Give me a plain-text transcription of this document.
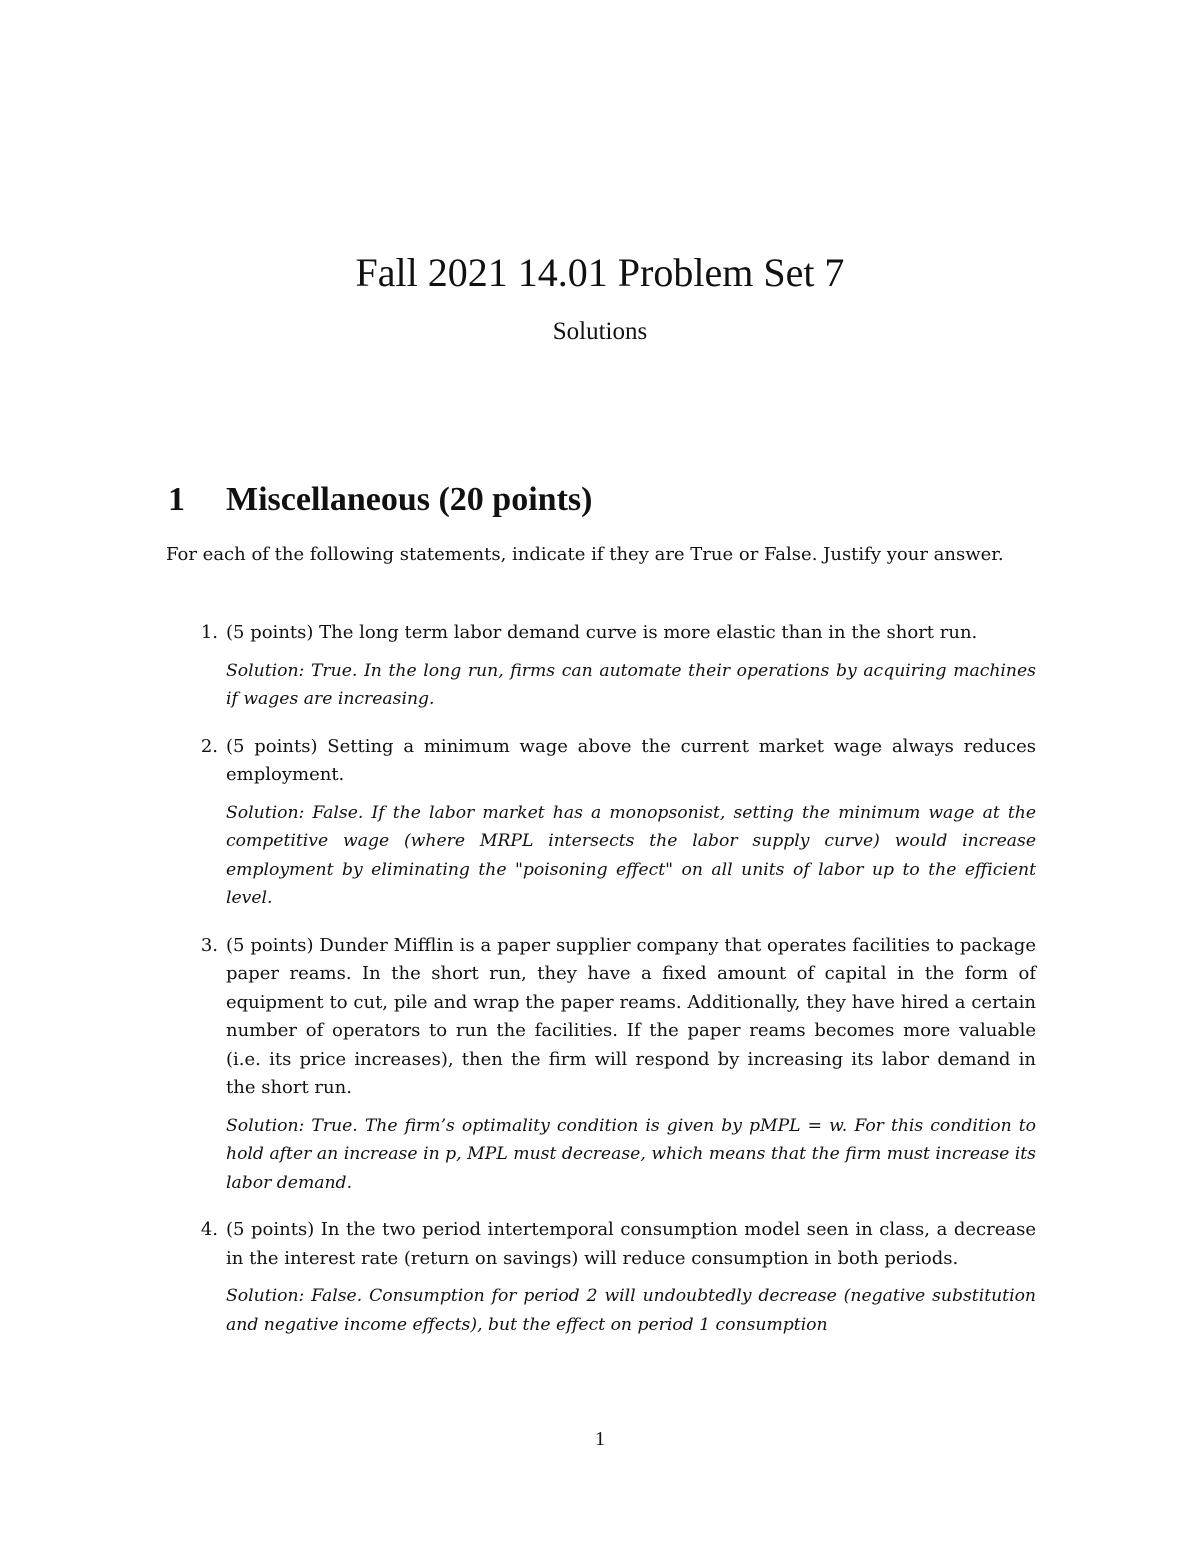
Fall 2021 14.01 Problem Set 7
Solutions
1 Miscellaneous (20 points)
For each of the following statements, indicate if they are True or False. Justify your answer.
1. (5 points) The long term labor demand curve is more elastic than in the short run.

Solution: True. In the long run, firms can automate their operations by acquiring machines if wages are increasing.

2. (5 points) Setting a minimum wage above the current market wage always reduces employment.

Solution: False. If the labor market has a monopsonist, setting the minimum wage at the competitive wage (where MRPL intersects the labor supply curve) would increase employment by eliminating the "poisoning effect" on all units of labor up to the efficient level.

3. (5 points) Dunder Mifflin is a paper supplier company that operates facilities to package paper reams. In the short run, they have a fixed amount of capital in the form of equipment to cut, pile and wrap the paper reams. Additionally, they have hired a certain number of operators to run the facilities. If the paper reams becomes more valuable (i.e. its price increases), then the firm will respond by increasing its labor demand in the short run.

Solution: True. The firm’s optimality condition is given by pMPL = w. For this condition to hold after an increase in p, MPL must decrease, which means that the firm must increase its labor demand.

4. (5 points) In the two period intertemporal consumption model seen in class, a decrease in the interest rate (return on savings) will reduce consumption in both periods.

Solution: False. Consumption for period 2 will undoubtedly decrease (negative substitution and negative income effects), but the effect on period 1 consumption

1
